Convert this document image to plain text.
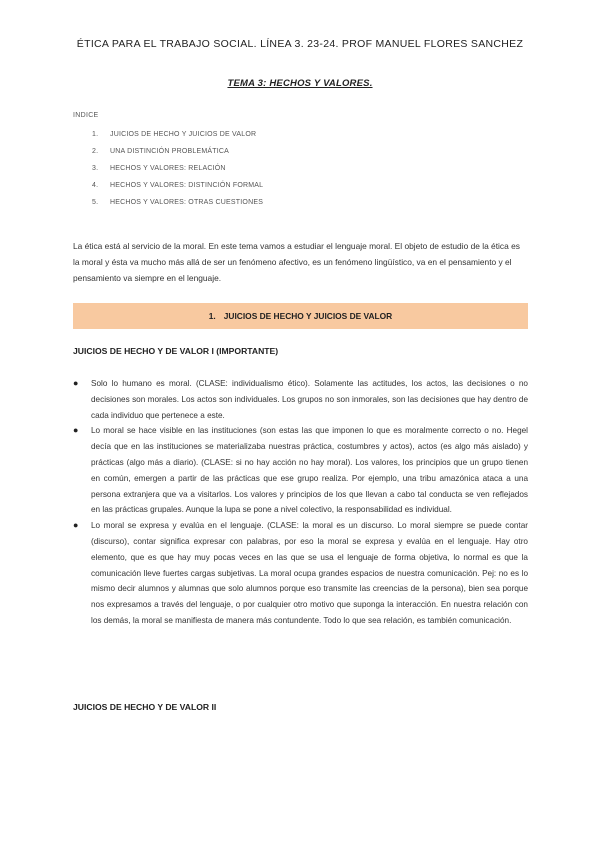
ÉTICA PARA EL TRABAJO SOCIAL. LÍNEA 3. 23-24. PROF MANUEL FLORES SANCHEZ
TEMA 3: HECHOS Y VALORES.
INDICE
1. JUICIOS DE HECHO Y JUICIOS DE VALOR
2. UNA DISTINCIÓN PROBLEMÁTICA
3. HECHOS Y VALORES: RELACIÓN
4. HECHOS Y VALORES: DISTINCIÓN FORMAL
5. HECHOS Y VALORES: OTRAS CUESTIONES

La ética está al servicio de la moral. En este tema vamos a estudiar el lenguaje moral. El objeto de estudio de la ética es la moral y ésta va mucho más allá de ser un fenómeno afectivo, es un fenómeno lingüístico, va en el pensamiento y el pensamiento va siempre en el lenguaje.

1. JUICIOS DE HECHO Y JUICIOS DE VALOR
JUICIOS DE HECHO Y DE VALOR I (IMPORTANTE)
● Solo lo humano es moral. (CLASE: individualismo ético). Solamente las actitudes, los actos, las decisiones o no decisiones son morales. Los actos son individuales. Los grupos no son inmorales, son las decisiones que hay dentro de cada individuo que pertenece a este.
● Lo moral se hace visible en las instituciones (son estas las que imponen lo que es moralmente correcto o no. Hegel decía que en las instituciones se materializaba nuestras práctica, costumbres y actos), actos (es algo más aislado) y prácticas (algo más a diario). (CLASE: si no hay acción no hay moral). Los valores, los principios que un grupo tienen en común, emergen a partir de las prácticas que ese grupo realiza. Por ejemplo, una tribu amazónica ataca a una persona extranjera que va a visitarlos. Los valores y principios de los que llevan a cabo tal conducta se ven reflejados en las prácticas grupales. Aunque la lupa se pone a nivel colectivo, la responsabilidad es individual.
● Lo moral se expresa y evalúa en el lenguaje. (CLASE: la moral es un discurso. Lo moral siempre se puede contar (discurso), contar significa expresar con palabras, por eso la moral se expresa y evalúa en el lenguaje. Hay otro elemento, que es que hay muy pocas veces en las que se usa el lenguaje de forma objetiva, lo normal es que la comunicación lleve fuertes cargas subjetivas. La moral ocupa grandes espacios de nuestra comunicación. Pej: no es lo mismo decir alumnos y alumnas que solo alumnos porque eso transmite las creencias de la persona), bien sea porque nos expresamos a través del lenguaje, o por cualquier otro motivo que suponga la interacción. En nuestra relación con los demás, la moral se manifiesta de manera más contundente. Todo lo que sea relación, es también comunicación.
JUICIOS DE HECHO Y DE VALOR II
